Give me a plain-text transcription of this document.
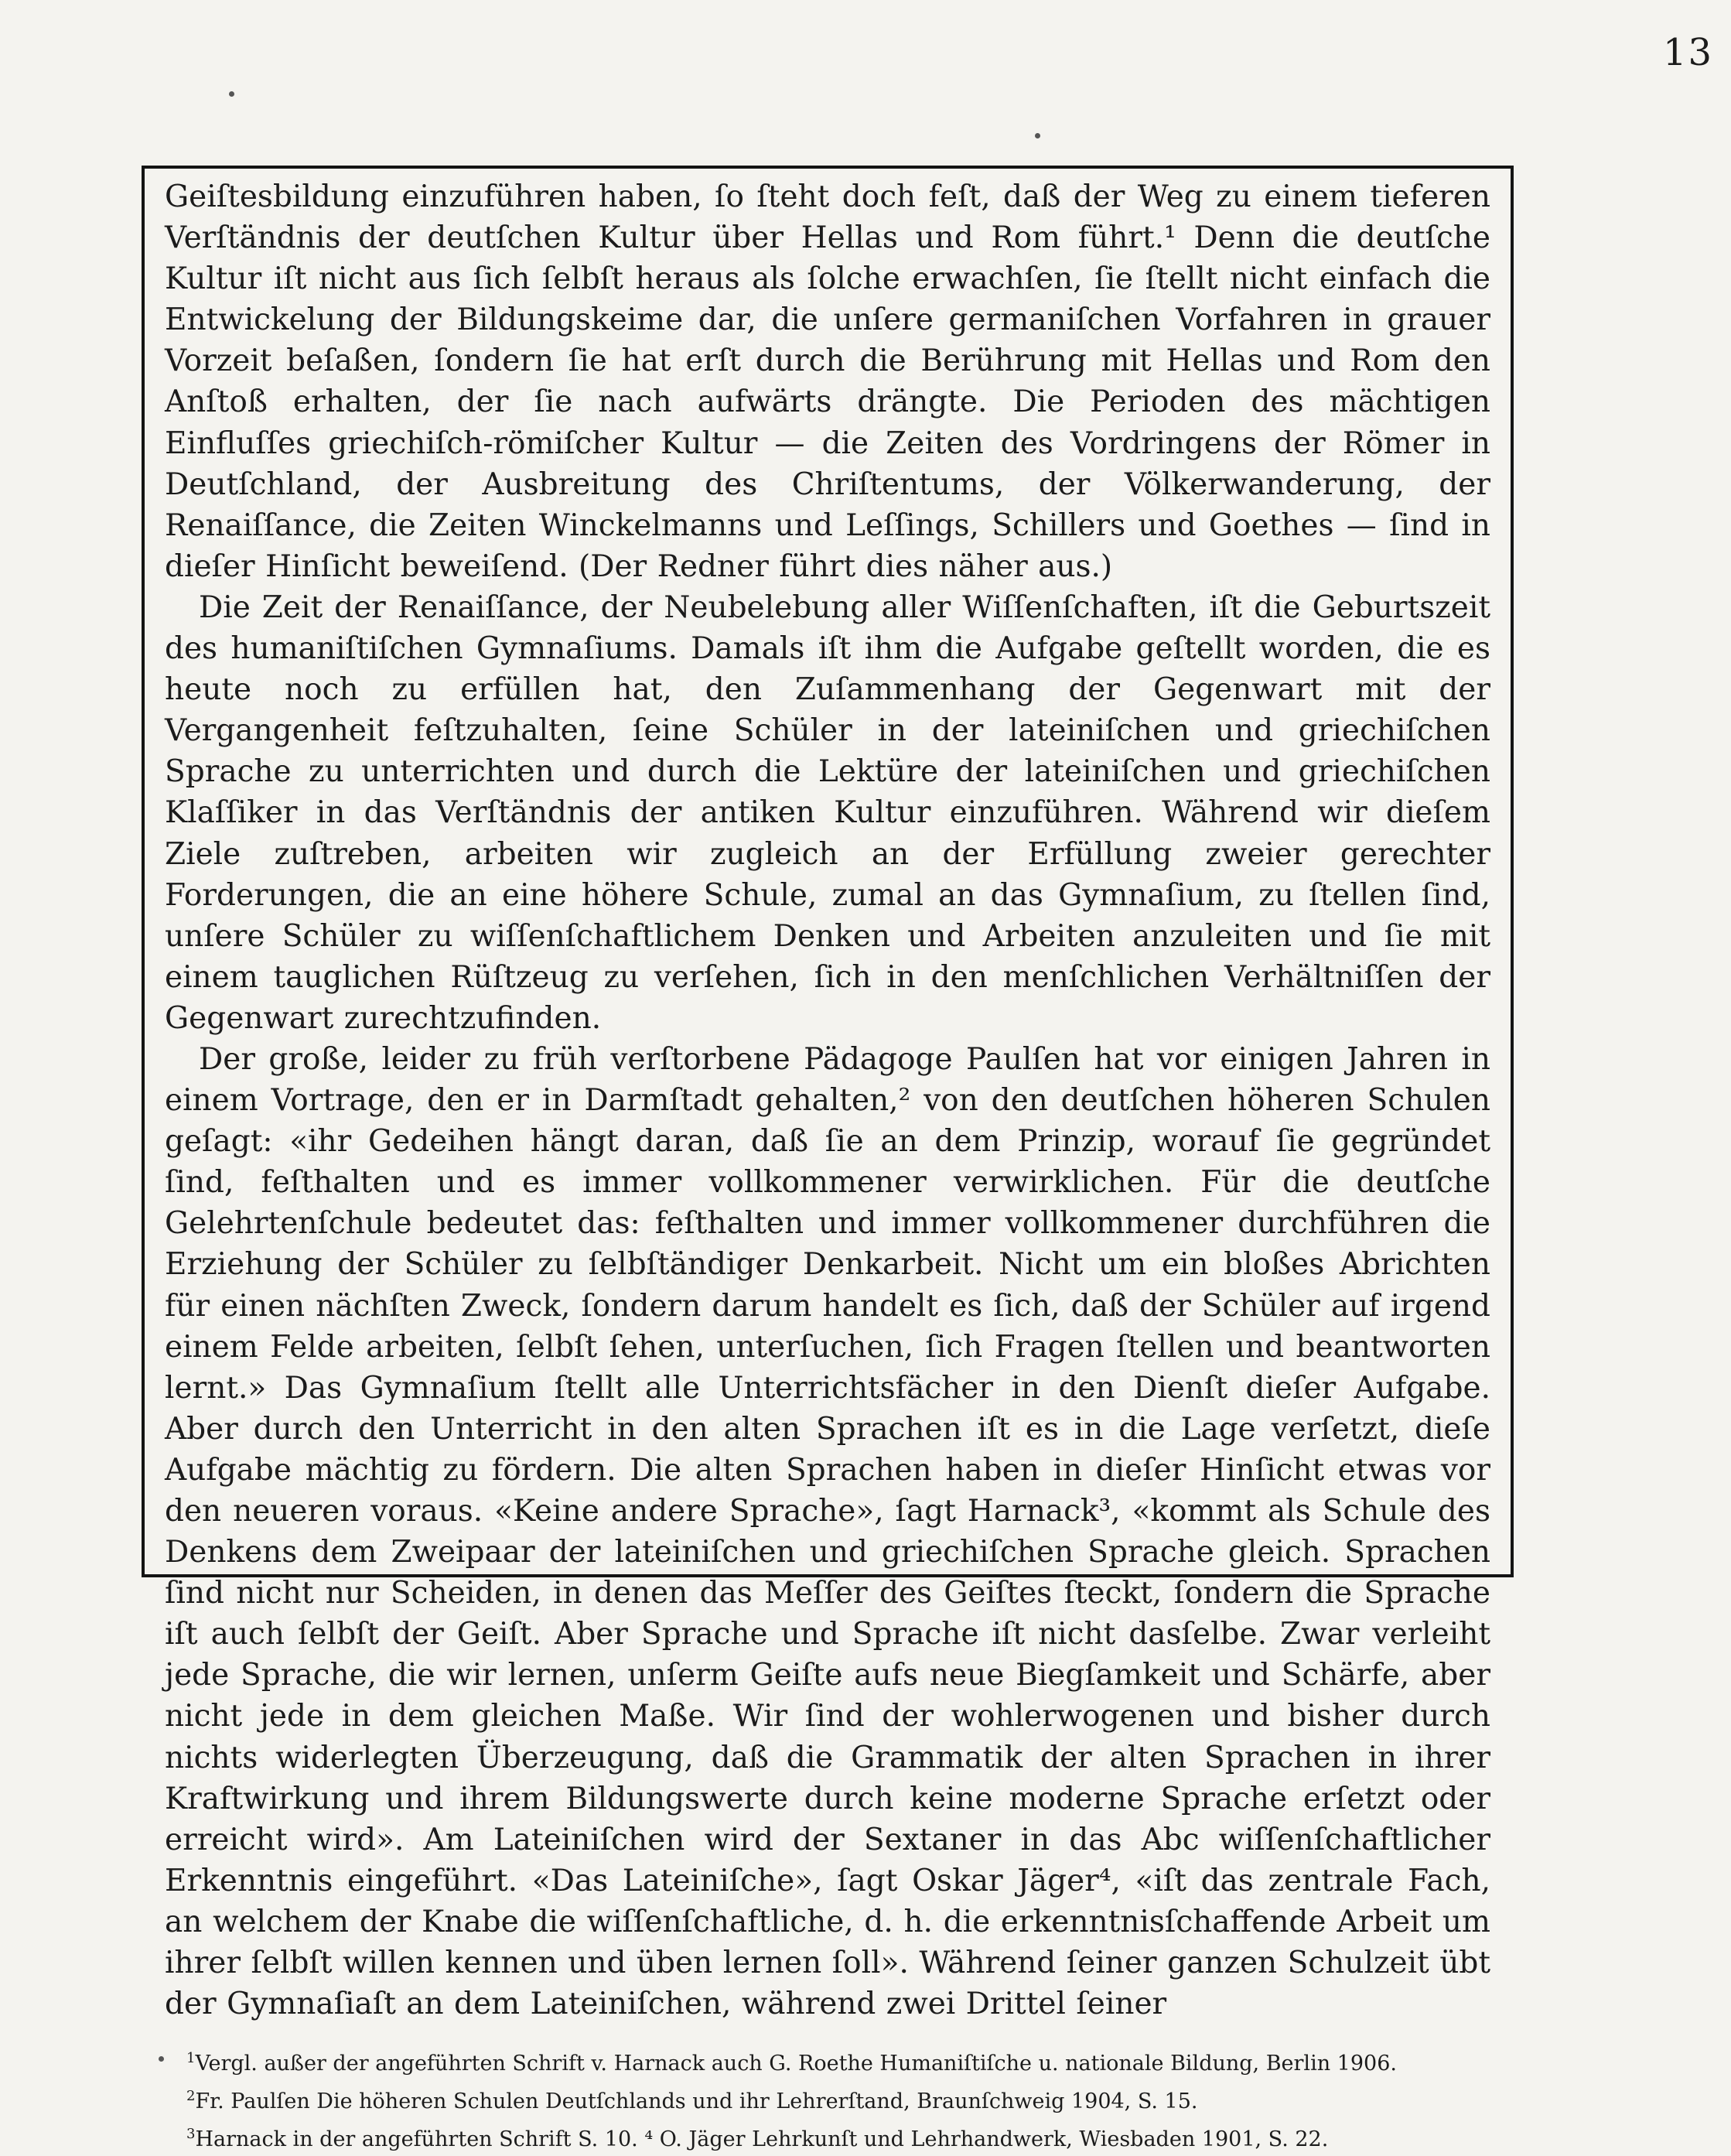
13

Geiſtesbildung einzuführen haben, ſo ſteht doch feſt, daß der Weg zu einem tieferen Verſtändnis der deutſchen Kultur über Hellas und Rom führt.¹ Denn die deutſche Kultur iſt nicht aus ſich ſelbſt heraus als ſolche erwachſen, ſie ſtellt nicht einfach die Entwickelung der Bildungskeime dar, die unſere germaniſchen Vorfahren in grauer Vorzeit beſaßen, ſondern ſie hat erſt durch die Berührung mit Hellas und Rom den Anſtoß erhalten, der ſie nach aufwärts drängte. Die Perioden des mächtigen Einfluſſes griechiſch-römiſcher Kultur — die Zeiten des Vordringens der Römer in Deutſchland, der Ausbreitung des Chriſtentums, der Völkerwanderung, der Renaiſſance, die Zeiten Winckelmanns und Leſſings, Schillers und Goethes — ſind in dieſer Hinſicht beweiſend. (Der Redner führt dies näher aus.)

Die Zeit der Renaiſſance, der Neubelebung aller Wiſſenſchaften, iſt die Geburtszeit des humaniſtiſchen Gymnaſiums. Damals iſt ihm die Aufgabe geſtellt worden, die es heute noch zu erfüllen hat, den Zuſammenhang der Gegenwart mit der Vergangenheit feſtzuhalten, ſeine Schüler in der lateiniſchen und griechiſchen Sprache zu unterrichten und durch die Lektüre der lateiniſchen und griechiſchen Klaſſiker in das Verſtändnis der antiken Kultur einzuführen. Während wir dieſem Ziele zuſtreben, arbeiten wir zugleich an der Erfüllung zweier gerechter Forderungen, die an eine höhere Schule, zumal an das Gymnaſium, zu ſtellen ſind, unſere Schüler zu wiſſenſchaftlichem Denken und Arbeiten anzuleiten und ſie mit einem tauglichen Rüſtzeug zu verſehen, ſich in den menſchlichen Verhältniſſen der Gegenwart zurechtzufinden.

Der große, leider zu früh verſtorbene Pädagoge Paulſen hat vor einigen Jahren in einem Vortrage, den er in Darmſtadt gehalten,² von den deutſchen höheren Schulen geſagt: «ihr Gedeihen hängt daran, daß ſie an dem Prinzip, worauf ſie gegründet ſind, feſthalten und es immer vollkommener verwirklichen. Für die deutſche Gelehrtenſchule bedeutet das: feſthalten und immer vollkommener durchführen die Erziehung der Schüler zu ſelbſtändiger Denkarbeit. Nicht um ein bloßes Abrichten für einen nächſten Zweck, ſondern darum handelt es ſich, daß der Schüler auf irgend einem Felde arbeiten, ſelbſt ſehen, unterſuchen, ſich Fragen ſtellen und beantworten lernt.» Das Gymnaſium ſtellt alle Unterrichtsfächer in den Dienſt dieſer Aufgabe. Aber durch den Unterricht in den alten Sprachen iſt es in die Lage verſetzt, dieſe Aufgabe mächtig zu fördern. Die alten Sprachen haben in dieſer Hinſicht etwas vor den neueren voraus. «Keine andere Sprache», ſagt Harnack³, «kommt als Schule des Denkens dem Zweipaar der lateiniſchen und griechiſchen Sprache gleich. Sprachen ſind nicht nur Scheiden, in denen das Meſſer des Geiſtes ſteckt, ſondern die Sprache iſt auch ſelbſt der Geiſt. Aber Sprache und Sprache iſt nicht dasſelbe. Zwar verleiht jede Sprache, die wir lernen, unſerm Geiſte aufs neue Biegſamkeit und Schärfe, aber nicht jede in dem gleichen Maße. Wir ſind der wohlerwogenen und bisher durch nichts widerlegten Überzeugung, daß die Grammatik der alten Sprachen in ihrer Kraftwirkung und ihrem Bildungswerte durch keine moderne Sprache erſetzt oder erreicht wird». Am Lateiniſchen wird der Sextaner in das Abc wiſſenſchaftlicher Erkenntnis eingeführt. «Das Lateiniſche», ſagt Oskar Jäger⁴, «iſt das zentrale Fach, an welchem der Knabe die wiſſenſchaftliche, d. h. die erkenntnisſchaffende Arbeit um ihrer ſelbſt willen kennen und üben lernen ſoll». Während ſeiner ganzen Schulzeit übt der Gymnaſiaſt an dem Lateiniſchen, während zwei Drittel ſeiner

$^1$Vergl. außer der angeführten Schrift v. Harnack auch G. Roethe Humaniſtiſche u. nationale Bildung, Berlin 1906.
$^2$Fr. Paulſen Die höheren Schulen Deutſchlands und ihr Lehrerſtand, Braunſchweig 1904, S. 15.
$^3$Harnack in der angeführten Schrift S. 10. ⁴ O. Jäger Lehrkunſt und Lehrhandwerk, Wiesbaden 1901, S. 22.
